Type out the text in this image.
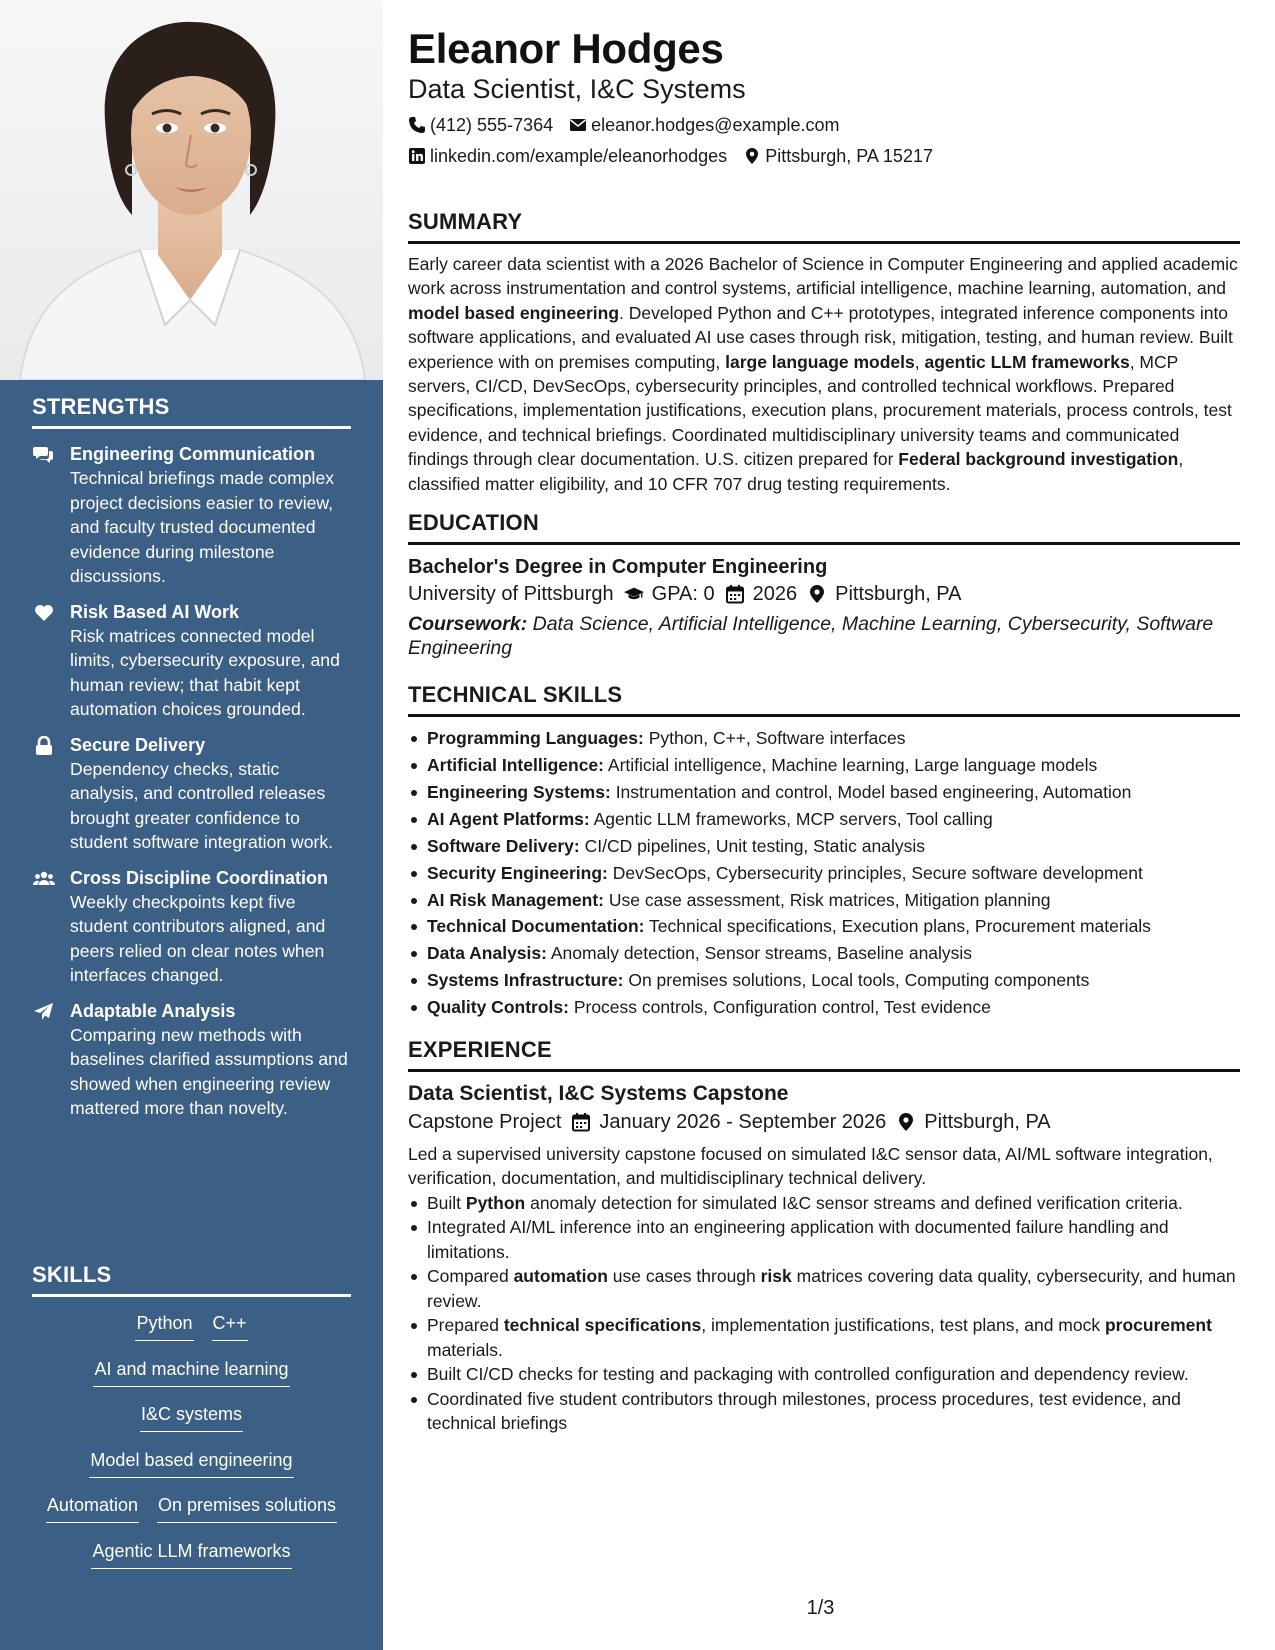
STRENGTHS
Engineering Communication
Technical briefings made complex project decisions easier to review, and faculty trusted documented evidence during milestone discussions.
Risk Based AI Work
Risk matrices connected model limits, cybersecurity exposure, and human review; that habit kept automation choices grounded.
Secure Delivery
Dependency checks, static analysis, and controlled releases brought greater confidence to student software integration work.
Cross Discipline Coordination
Weekly checkpoints kept five student contributors aligned, and peers relied on clear notes when interfaces changed.
Adaptable Analysis
Comparing new methods with baselines clarified assumptions and showed when engineering review mattered more than novelty.
SKILLS
Python C++
AI and machine learning
I&C systems
Model based engineering
Automation On premises solutions
Agentic LLM frameworks
Eleanor Hodges
Data Scientist, I&C Systems
(412) 555-7364 eleanor.hodges@example.com
linkedin.com/example/eleanorhodges Pittsburgh, PA 15217
SUMMARY

Early career data scientist with a 2026 Bachelor of Science in Computer Engineering and applied academic work across instrumentation and control systems, artificial intelligence, machine learning, automation, and model based engineering. Developed Python and C++ prototypes, integrated inference components into software applications, and evaluated AI use cases through risk, mitigation, testing, and human review. Built experience with on premises computing, large language models, agentic LLM frameworks, MCP servers, CI/CD, DevSecOps, cybersecurity principles, and controlled technical workflows. Prepared specifications, implementation justifications, execution plans, procurement materials, process controls, test evidence, and technical briefings. Coordinated multidisciplinary university teams and communicated findings through clear documentation. U.S. citizen prepared for Federal background investigation, classified matter eligibility, and 10 CFR 707 drug testing requirements.

EDUCATION
Bachelor's Degree in Computer Engineering
University of Pittsburgh GPA: 0 2026 Pittsburgh, PA
Coursework: Data Science, Artificial Intelligence, Machine Learning, Cybersecurity, Software Engineering
TECHNICAL SKILLS
Programming Languages: Python, C++, Software interfaces
Artificial Intelligence: Artificial intelligence, Machine learning, Large language models
Engineering Systems: Instrumentation and control, Model based engineering, Automation
AI Agent Platforms: Agentic LLM frameworks, MCP servers, Tool calling
Software Delivery: CI/CD pipelines, Unit testing, Static analysis
Security Engineering: DevSecOps, Cybersecurity principles, Secure software development
AI Risk Management: Use case assessment, Risk matrices, Mitigation planning
Technical Documentation: Technical specifications, Execution plans, Procurement materials
Data Analysis: Anomaly detection, Sensor streams, Baseline analysis
Systems Infrastructure: On premises solutions, Local tools, Computing components
Quality Controls: Process controls, Configuration control, Test evidence
EXPERIENCE
Data Scientist, I&C Systems Capstone
Capstone Project January 2026 - September 2026 Pittsburgh, PA

Led a supervised university capstone focused on simulated I&C sensor data, AI/ML software integration, verification, documentation, and multidisciplinary technical delivery.

Built Python anomaly detection for simulated I&C sensor streams and defined verification criteria.
Integrated AI/ML inference into an engineering application with documented failure handling and limitations.
Compared automation use cases through risk matrices covering data quality, cybersecurity, and human review.
Prepared technical specifications, implementation justifications, test plans, and mock procurement materials.
Built CI/CD checks for testing and packaging with controlled configuration and dependency review.
Coordinated five student contributors through milestones, process procedures, test evidence, and technical briefings
1/3
